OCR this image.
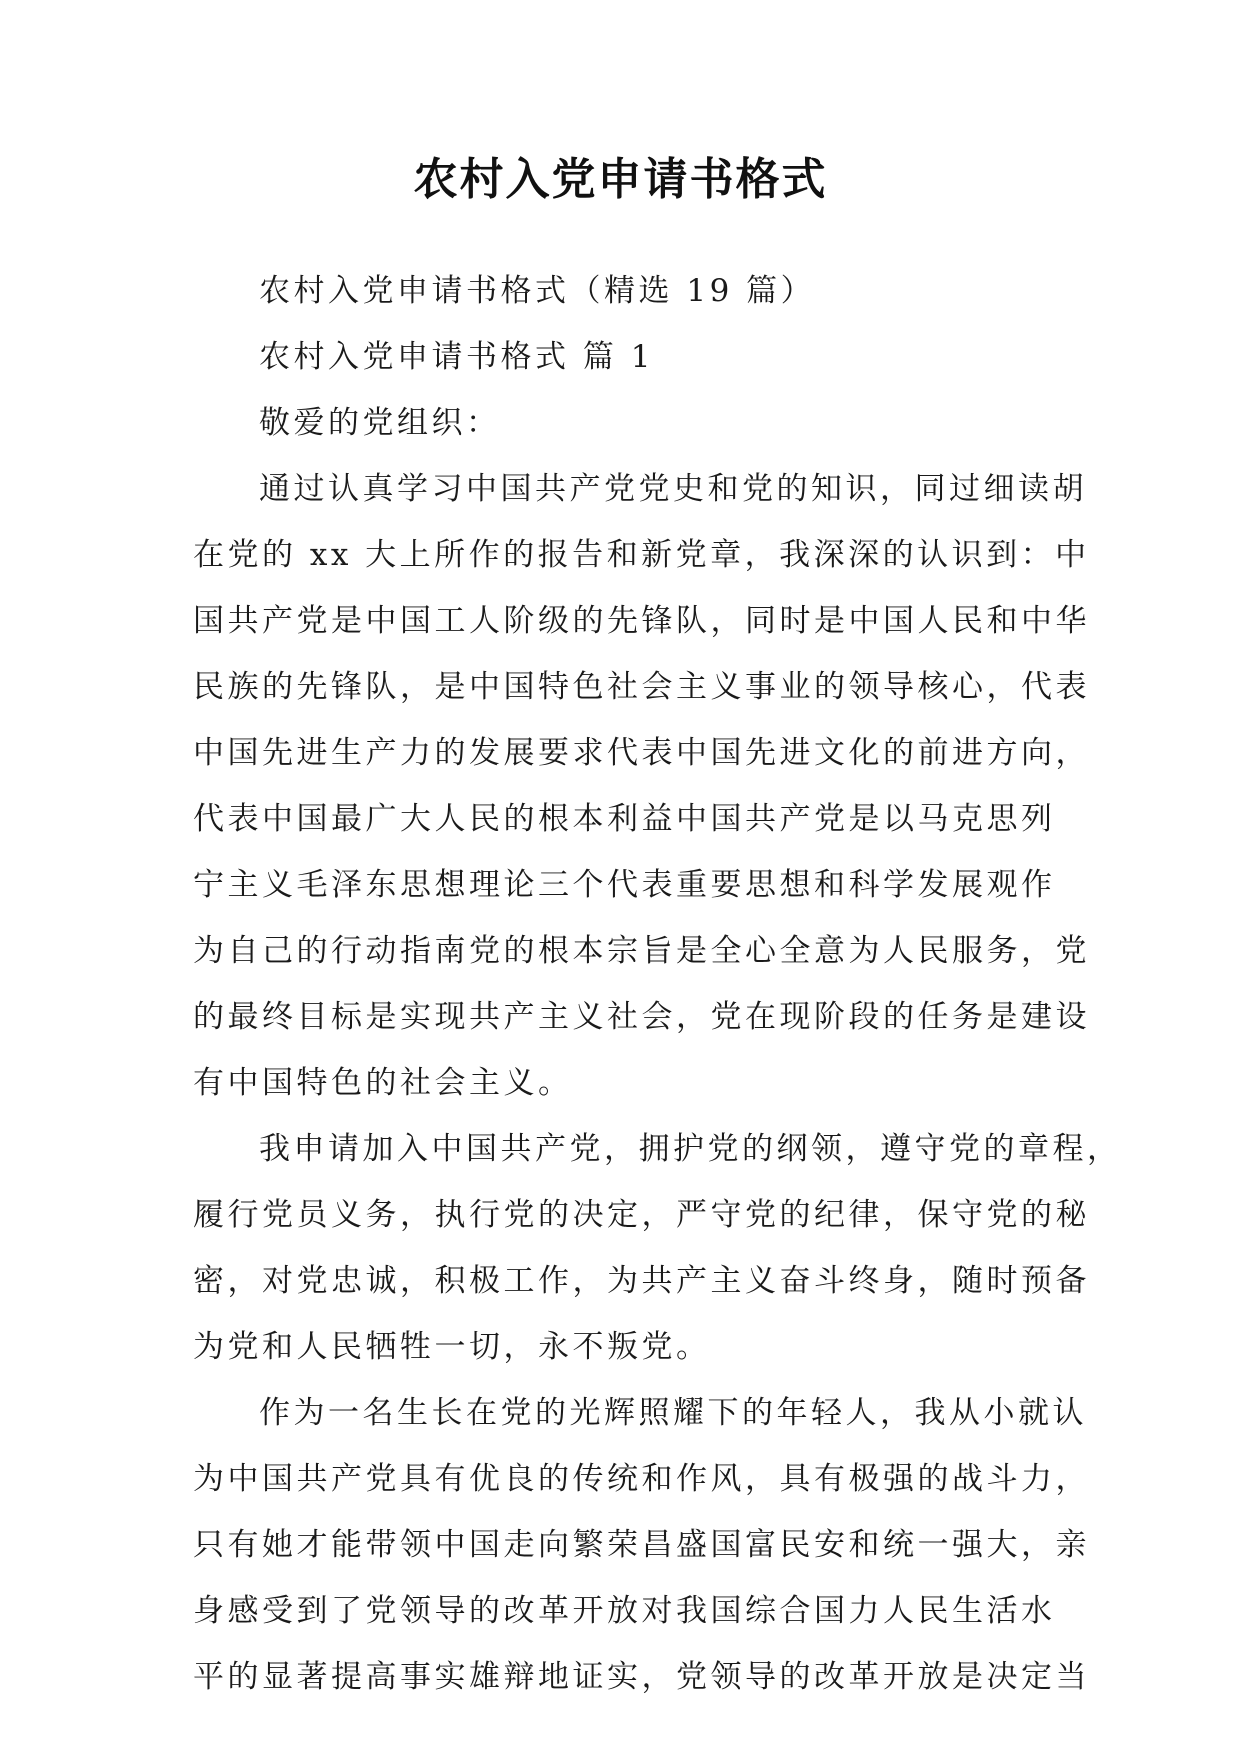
农村入党申请书格式
农村入党申请书格式（精选 19 篇）
农村入党申请书格式 篇 1
敬爱的党组织：
通过认真学习中国共产党党史和党的知识，同过细读胡
在党的 xx 大上所作的报告和新党章，我深深的认识到：中
国共产党是中国工人阶级的先锋队，同时是中国人民和中华
民族的先锋队，是中国特色社会主义事业的领导核心，代表
中国先进生产力的发展要求代表中国先进文化的前进方向，
代表中国最广大人民的根本利益中国共产党是以马克思列
宁主义毛泽东思想理论三个代表重要思想和科学发展观作
为自己的行动指南党的根本宗旨是全心全意为人民服务，党
的最终目标是实现共产主义社会，党在现阶段的任务是建设
有中国特色的社会主义。
我申请加入中国共产党，拥护党的纲领，遵守党的章程，
履行党员义务，执行党的决定，严守党的纪律，保守党的秘
密，对党忠诚，积极工作，为共产主义奋斗终身，随时预备
为党和人民牺牲一切，永不叛党。
作为一名生长在党的光辉照耀下的年轻人，我从小就认
为中国共产党具有优良的传统和作风，具有极强的战斗力，
只有她才能带领中国走向繁荣昌盛国富民安和统一强大，亲
身感受到了党领导的改革开放对我国综合国力人民生活水
平的显著提高事实雄辩地证实，党领导的改革开放是决定当
